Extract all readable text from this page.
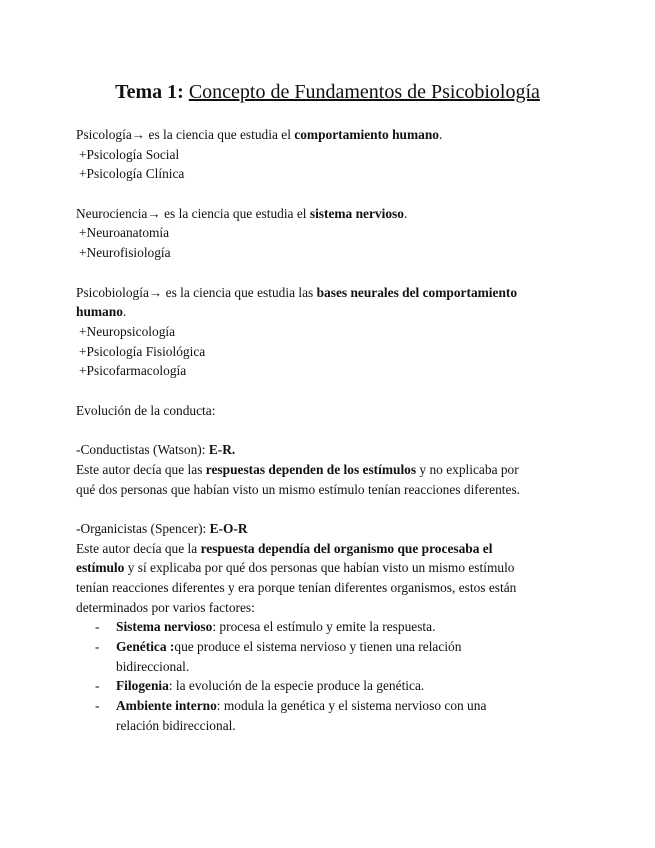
Tema 1: Concepto de Fundamentos de Psicobiología
Psicología→ es la ciencia que estudia el comportamiento humano.
+Psicología Social
+Psicología Clínica
Neurociencia→ es la ciencia que estudia el sistema nervioso.
+Neuroanatomía
+Neurofisiología
Psicobiología→ es la ciencia que estudia las bases neurales del comportamiento
humano.
+Neuropsicología
+Psicología Fisiológica
+Psicofarmacología
Evolución de la conducta:
-Conductistas (Watson): E-R.
Este autor decía que las respuestas dependen de los estímulos y no explicaba por
qué dos personas que habían visto un mismo estímulo tenían reacciones diferentes.
-Organicistas (Spencer): E-O-R
Este autor decía que la respuesta dependía del organismo que procesaba el
estímulo y sí explicaba por qué dos personas que habían visto un mismo estímulo
tenían reacciones diferentes y era porque tenían diferentes organismos, estos están
determinados por varios factores:
- Sistema nervioso: procesa el estímulo y emite la respuesta.
- Genética :que produce el sistema nervioso y tienen una relación
bidireccional.
- Filogenia: la evolución de la especie produce la genética.
- Ambiente interno: modula la genética y el sistema nervioso con una
relación bidireccional.
